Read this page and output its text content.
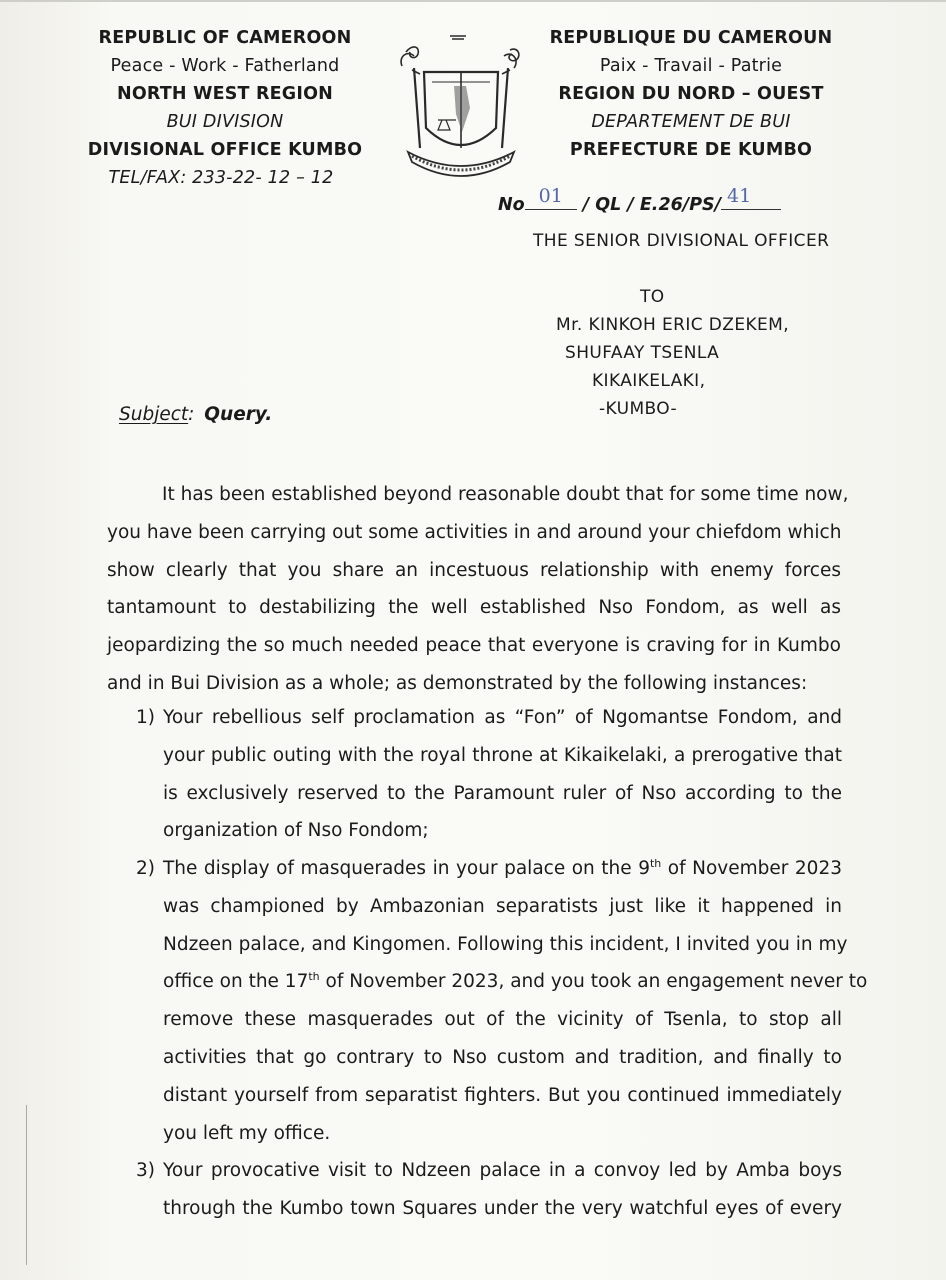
REPUBLIC OF CAMEROON
Peace - Work - Fatherland
NORTH WEST REGION
BUI DIVISION
DIVISIONAL OFFICE KUMBO
TEL/FAX: 233-22- 12 – 12
REPUBLIQUE DU CAMEROUN
Paix - Travail - Patrie
REGION DU NORD – OUEST
DEPARTEMENT DE BUI
PREFECTURE DE KUMBO
No 01 / QL / E.26/PS/ 41
THE SENIOR DIVISIONAL OFFICER
TO
Mr. KINKOH ERIC DZEKEM,
SHUFAAY TSENLA
KIKAIKELAKI,
-KUMBO-
Subject: Query.
It has been established beyond reasonable doubt that for some time now,
you have been carrying out some activities in and around your chiefdom which
show clearly that you share an incestuous relationship with enemy forces
tantamount to destabilizing the well established Nso Fondom, as well as
jeopardizing the so much needed peace that everyone is craving for in Kumbo
and in Bui Division as a whole; as demonstrated by the following instances:
1) Your rebellious self proclamation as “Fon” of Ngomantse Fondom, and
your public outing with the royal throne at Kikaikelaki, a prerogative that
is exclusively reserved to the Paramount ruler of Nso according to the
organization of Nso Fondom;
2) The display of masquerades in your palace on the 9th of November 2023
was championed by Ambazonian separatists just like it happened in
Ndzeen palace, and Kingomen. Following this incident, I invited you in my
office on the 17th of November 2023, and you took an engagement never to
remove these masquerades out of the vicinity of Tsenla, to stop all
activities that go contrary to Nso custom and tradition, and finally to
distant yourself from separatist fighters. But you continued immediately
you left my office.
3) Your provocative visit to Ndzeen palace in a convoy led by Amba boys
through the Kumbo town Squares under the very watchful eyes of every
